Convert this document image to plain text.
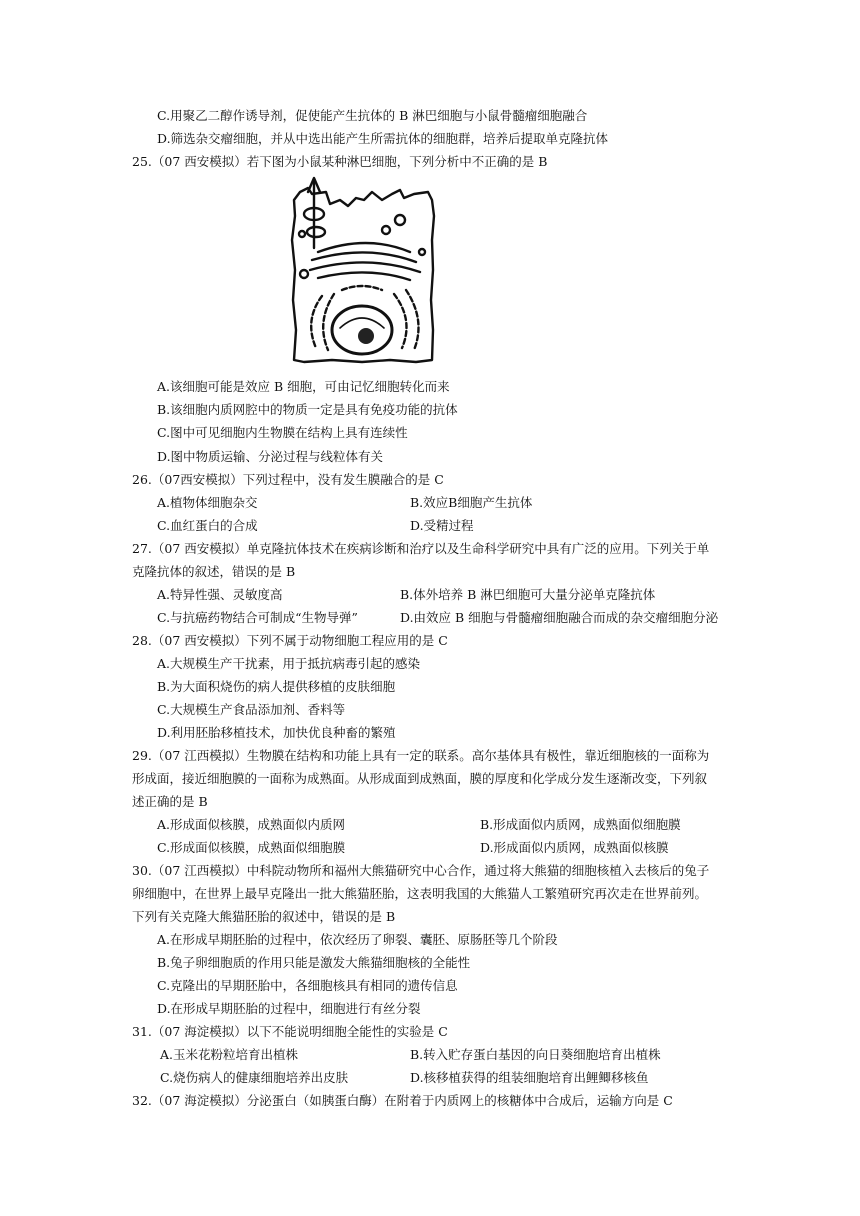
C.用聚乙二醇作诱导剂，促使能产生抗体的 B 淋巴细胞与小鼠骨髓瘤细胞融合
D.筛选杂交瘤细胞，并从中选出能产生所需抗体的细胞群，培养后提取单克隆抗体
25.（07 西安模拟）若下图为小鼠某种淋巴细胞，下列分析中不正确的是 B
A.该细胞可能是效应 B 细胞，可由记忆细胞转化而来
B.该细胞内质网腔中的物质一定是具有免疫功能的抗体
C.图中可见细胞内生物膜在结构上具有连续性
D.图中物质运输、分泌过程与线粒体有关
26.（07西安模拟）下列过程中，没有发生膜融合的是 C
A.植物体细胞杂交	B.效应B细胞产生抗体
C.血红蛋白的合成	D.受精过程
27.（07 西安模拟）单克隆抗体技术在疾病诊断和治疗以及生命科学研究中具有广泛的应用。下列关于单
克隆抗体的叙述，错误的是 B
A.特异性强、灵敏度高	B.体外培养 B 淋巴细胞可大量分泌单克隆抗体
C.与抗癌药物结合可制成“生物导弹”	D.由效应 B 细胞与骨髓瘤细胞融合而成的杂交瘤细胞分泌
28.（07 西安模拟）下列不属于动物细胞工程应用的是 C
A.大规模生产干扰素，用于抵抗病毒引起的感染
B.为大面积烧伤的病人提供移植的皮肤细胞
C.大规模生产食品添加剂、香料等
D.利用胚胎移植技术，加快优良种畜的繁殖
29.（07 江西模拟）生物膜在结构和功能上具有一定的联系。高尔基体具有极性，靠近细胞核的一面称为
形成面，接近细胞膜的一面称为成熟面。从形成面到成熟面，膜的厚度和化学成分发生逐渐改变，下列叙
述正确的是 B
A.形成面似核膜，成熟面似内质网	B.形成面似内质网，成熟面似细胞膜
C.形成面似核膜，成熟面似细胞膜	D.形成面似内质网，成熟面似核膜
30.（07 江西模拟）中科院动物所和福州大熊猫研究中心合作，通过将大熊猫的细胞核植入去核后的兔子
卵细胞中，在世界上最早克隆出一批大熊猫胚胎，这表明我国的大熊猫人工繁殖研究再次走在世界前列。
下列有关克隆大熊猫胚胎的叙述中，错误的是 B
A.在形成早期胚胎的过程中，依次经历了卵裂、囊胚、原肠胚等几个阶段
B.兔子卵细胞质的作用只能是激发大熊猫细胞核的全能性
C.克隆出的早期胚胎中，各细胞核具有相同的遗传信息
D.在形成早期胚胎的过程中，细胞进行有丝分裂
31.（07 海淀模拟）以下不能说明细胞全能性的实验是 C
A.玉米花粉粒培育出植株	B.转入贮存蛋白基因的向日葵细胞培育出植株
C.烧伤病人的健康细胞培养出皮肤	D.核移植获得的组装细胞培育出鲤鲫移核鱼
32.（07 海淀模拟）分泌蛋白（如胰蛋白酶）在附着于内质网上的核糖体中合成后，运输方向是 C
